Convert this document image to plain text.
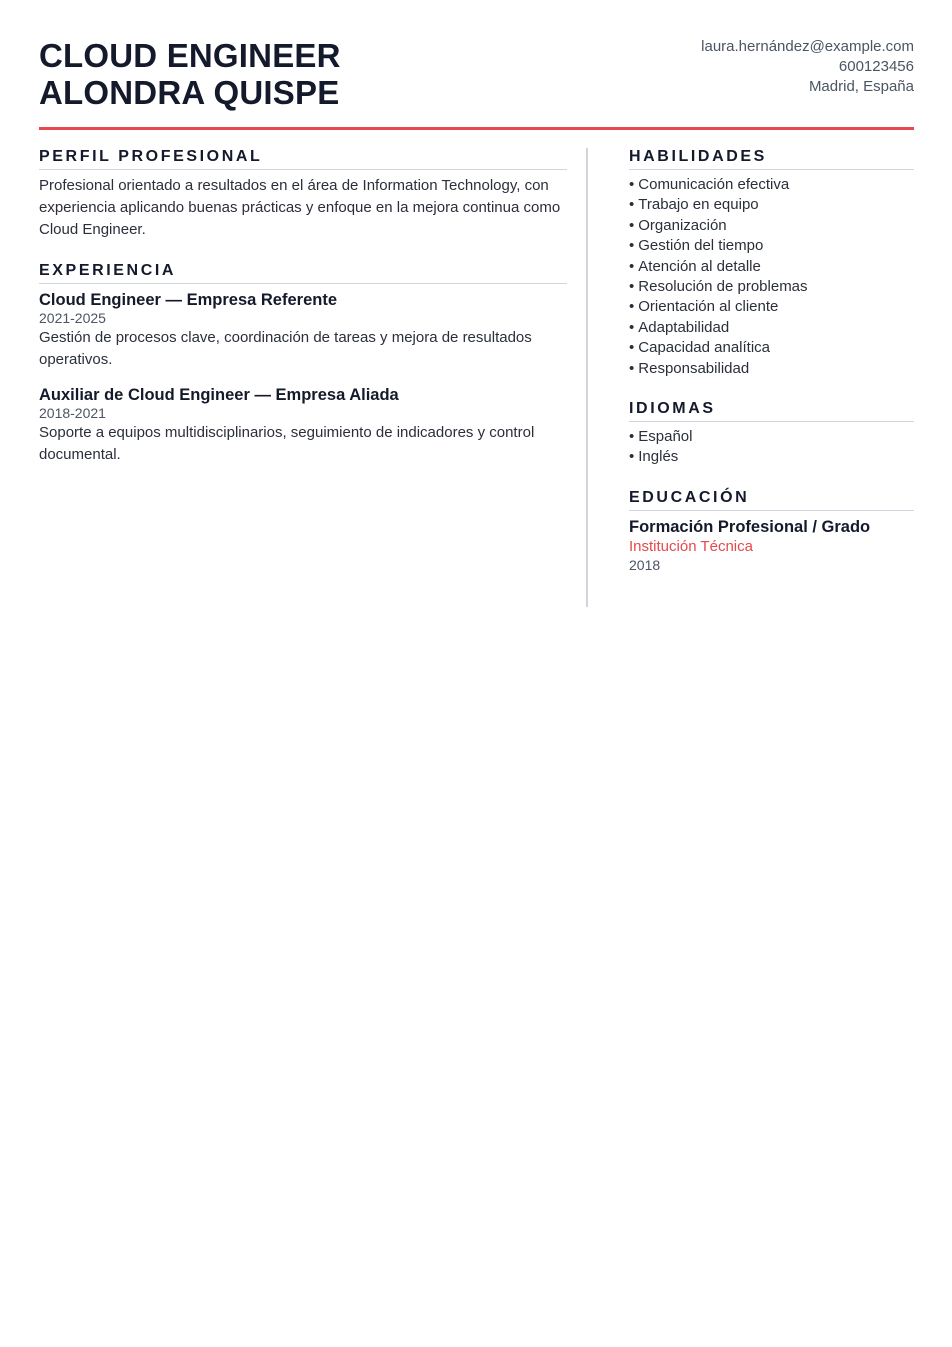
CLOUD ENGINEER
ALONDRA QUISPE
laura.hernández@example.com
600123456
Madrid, España
PERFIL PROFESIONAL

Profesional orientado a resultados en el área de Information Technology, con experiencia aplicando buenas prácticas y enfoque en la mejora continua como Cloud Engineer.

EXPERIENCIA
Cloud Engineer — Empresa Referente
2021-2025
Gestión de procesos clave, coordinación de tareas y mejora de resultados operativos.
Auxiliar de Cloud Engineer — Empresa Aliada
2018-2021
Soporte a equipos multidisciplinarios, seguimiento de indicadores y control documental.
HABILIDADES
• Comunicación efectiva
• Trabajo en equipo
• Organización
• Gestión del tiempo
• Atención al detalle
• Resolución de problemas
• Orientación al cliente
• Adaptabilidad
• Capacidad analítica
• Responsabilidad
IDIOMAS
• Español
• Inglés
EDUCACIÓN
Formación Profesional / Grado
Institución Técnica
2018
